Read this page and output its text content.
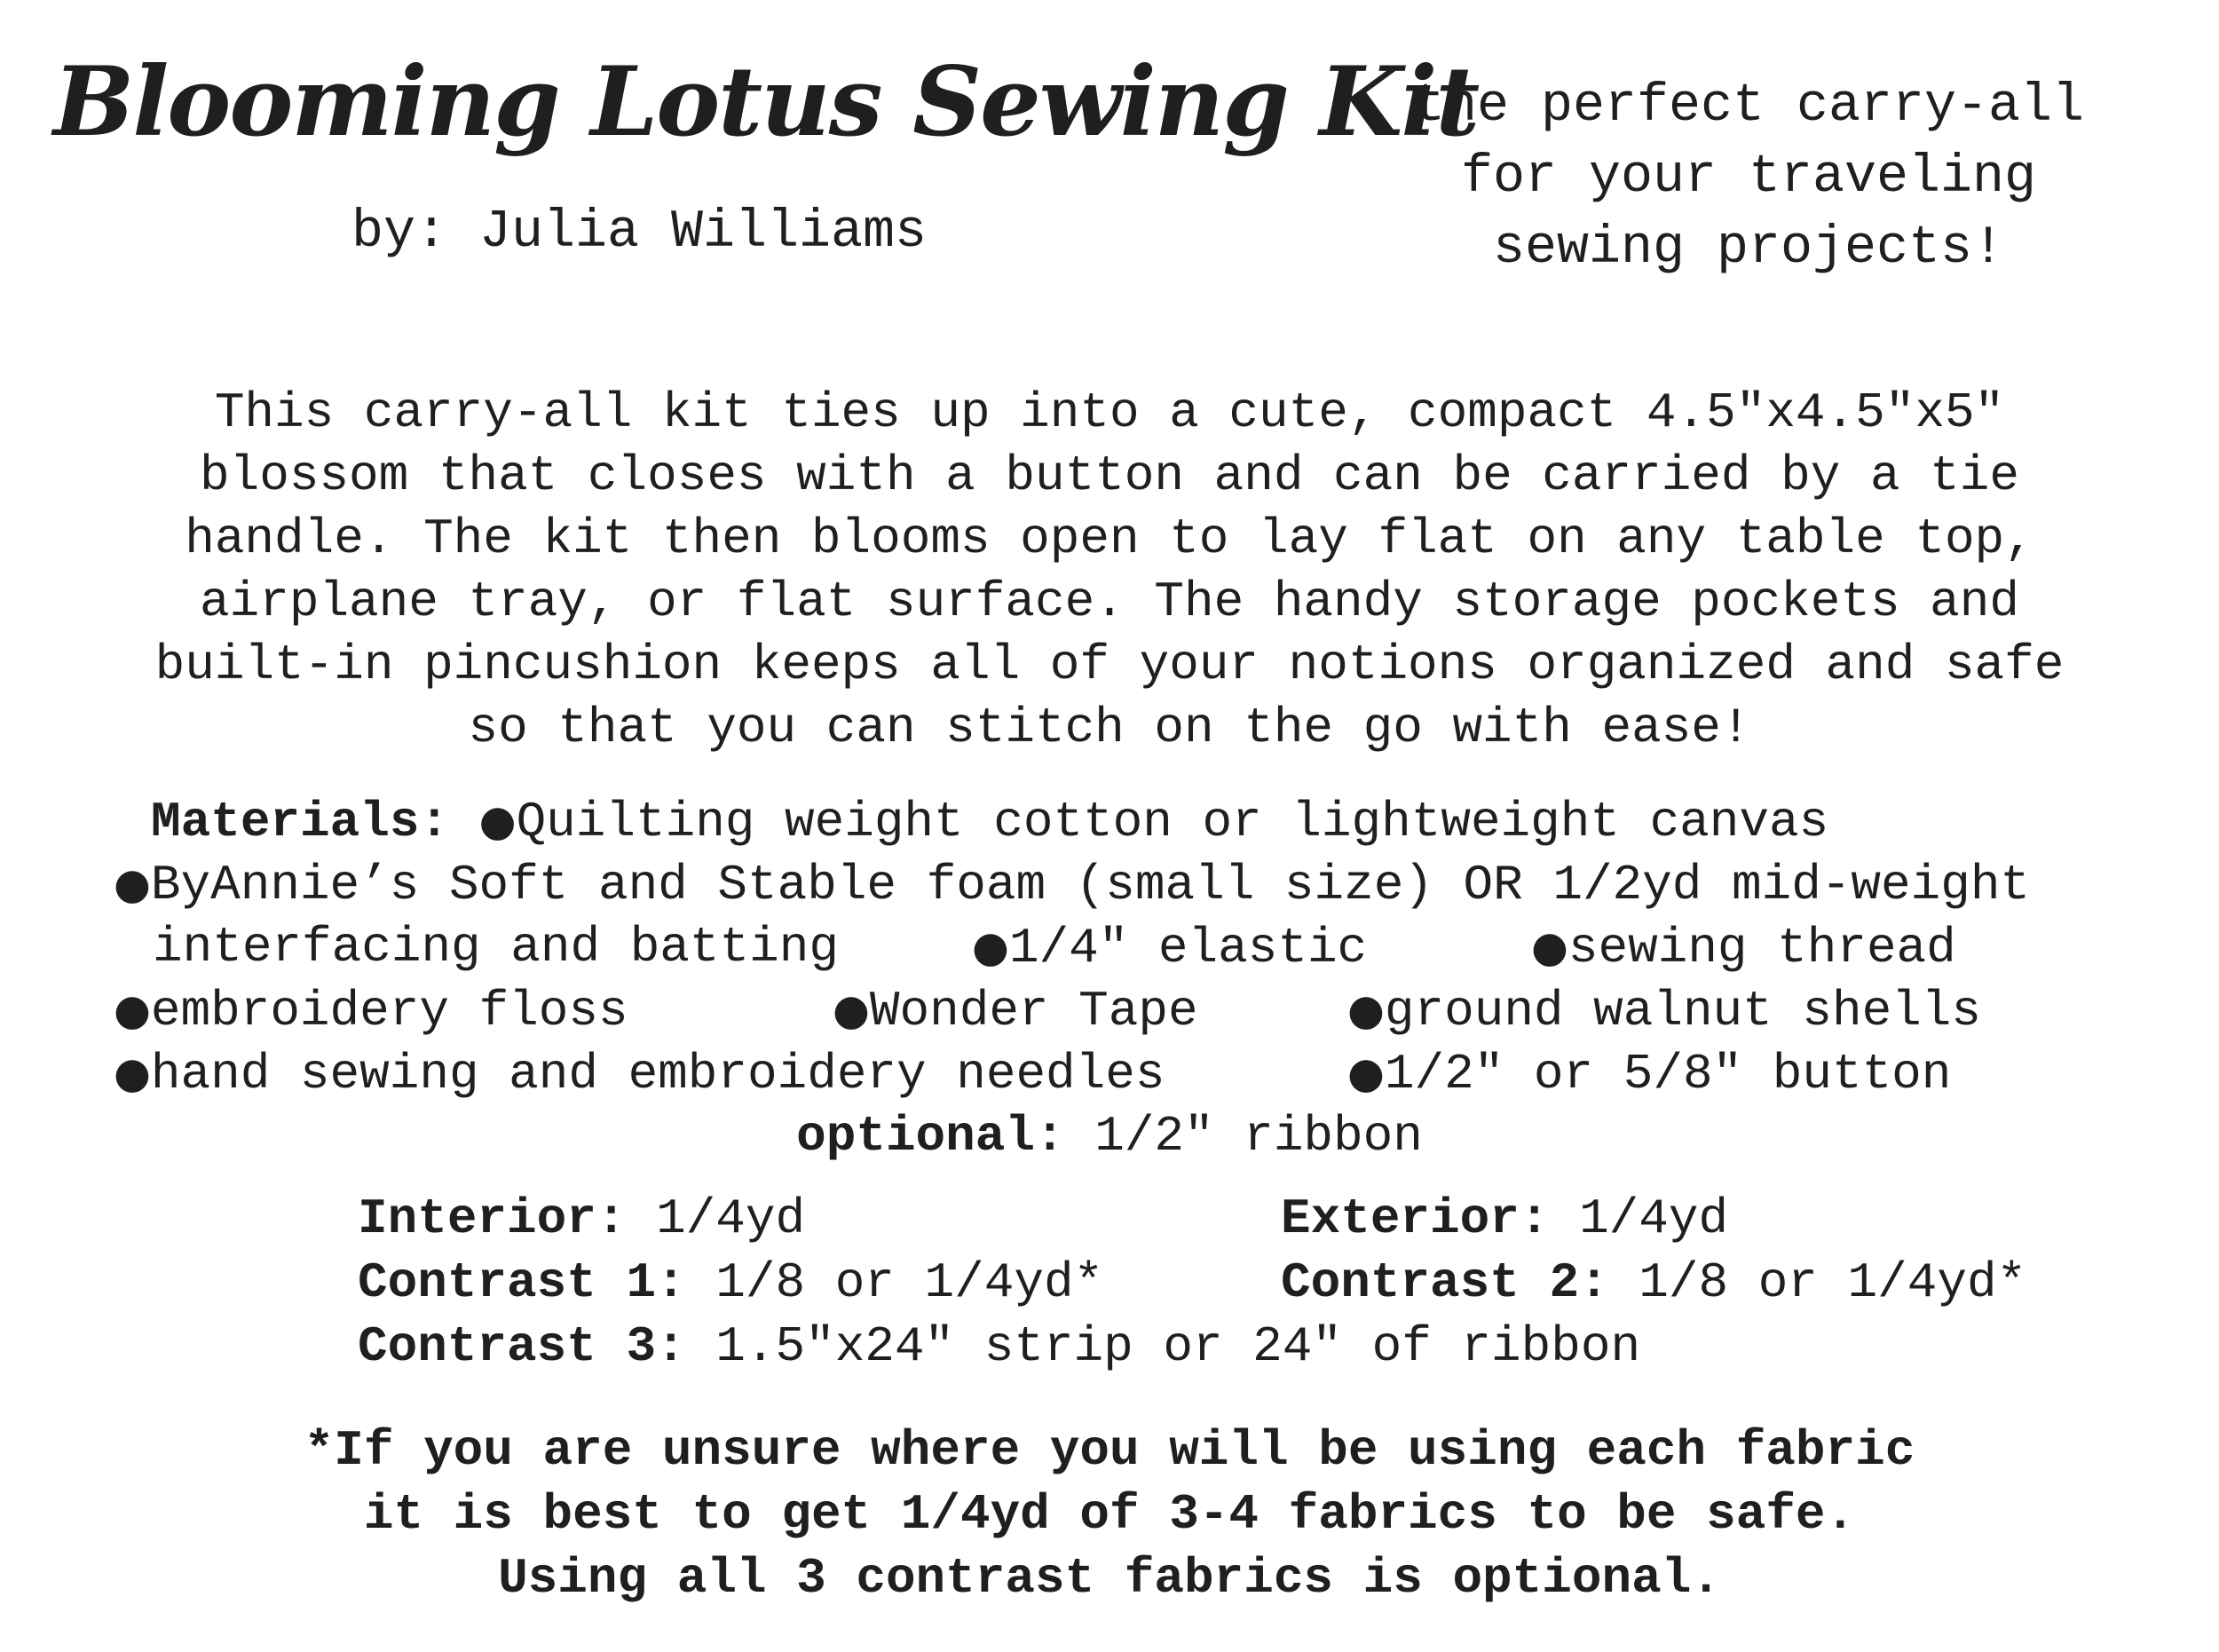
Blooming Lotus Sewing Kit
by: Julia Williams
the perfect carry-all
for your traveling
sewing projects!
This carry-all kit ties up into a cute, compact 4.5″x4.5″x5″
blossom that closes with a button and can be carried by a tie
handle. The kit then blooms open to lay flat on any table top,
airplane tray, or flat surface. The handy storage pockets and
built-in pincushion keeps all of your notions organized and safe
so that you can stitch on the go with ease!
Materials: ●Quilting weight cotton or lightweight canvas
●ByAnnie’s Soft and Stable foam (small size) OR 1/2yd mid-weight
interfacing and batting	●1/4″ elastic	●sewing thread
●embroidery floss	●Wonder Tape	●ground walnut shells
●hand sewing and embroidery needles	●1/2″ or 5/8″ button
optional: 1/2″ ribbon
Interior: 1/4yd	Exterior: 1/4yd
Contrast 1: 1/8 or 1/4yd*	Contrast 2: 1/8 or 1/4yd*
Contrast 3: 1.5″x24″ strip or 24″ of ribbon
*If you are unsure where you will be using each fabric
it is best to get 1/4yd of 3-4 fabrics to be safe.
Using all 3 contrast fabrics is optional.
